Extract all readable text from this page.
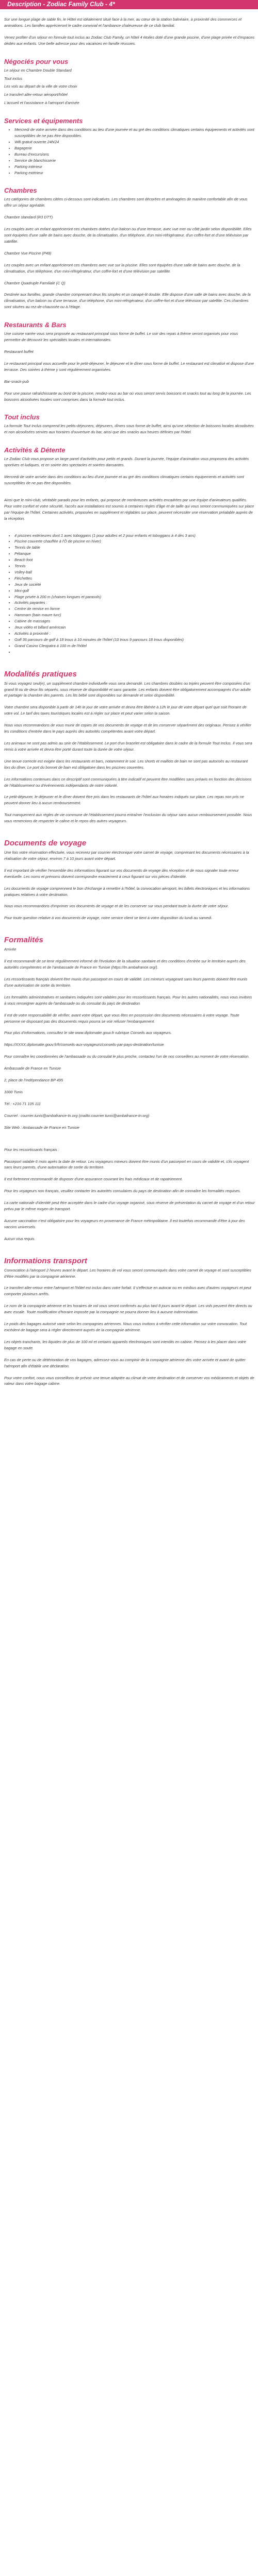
Description - Zodiac Family Club - 4*

Sur une longue plage de sable fin, le Hôtel est idéalement situé face à la mer, au cœur de la station balnéaire, à proximité des commerces et animations. Les familles apprécieront le cadre convivial et l'ambiance chaleureuse de ce club familial.

Venez profiter d'un séjour en formule tout inclus au Zodiac Club Family, un hôtel 4 étoiles doté d'une grande piscine, d'une plage privée et d'espaces dédiés aux enfants. Une belle adresse pour des vacances en famille réussies.

Négociés pour vous

Le séjour en Chambre Double Standard

Tout inclus

Les vols au départ de la ville de votre choix

Le transfert aller-retour aéroport/hôtel

L'accueil et l'assistance à l'aéroport d'arrivée

Services et équipements
• Mercredi de votre arrivée dans des conditions au lieu d'une journée et au gré des conditions climatiques certains équipements et activités sont susceptibles de ne pas être disponibles.
• Wifi gratuit ouverte 24h/24
• Bagagerie
• Bureau d'excursions
• Service de blanchisserie
• Parking intérieur
• Parking extérieur
Chambres

Les catégories de chambres citées ci-dessous sont indicatives. Les chambres sont décorées et aménagées de manière confortable afin de vous offrir un séjour agréable.

Chambre standard (R3 DTT)

Les couples avec un enfant apprécieront ces chambres dotées d'un balcon ou d'une terrasse, avec vue mer ou côté jardin selon disponibilité. Elles sont équipées d'une salle de bains avec douche, de la climatisation, d'un téléphone, d'un mini-réfrigérateur, d'un coffre-fort et d'une télévision par satellite.

Chambre Vue Piscine (P49)

Les couples avec un enfant apprécieront ces chambres avec vue sur la piscine. Elles sont équipées d'une salle de bains avec douche, de la climatisation, d'un téléphone, d'un mini-réfrigérateur, d'un coffre-fort et d'une télévision par satellite.

Chambre Quadruple Familiale (C Q)

Destinée aux familles, grande chambre comprenant deux lits simples et un canapé-lit double. Elle dispose d'une salle de bains avec douche, de la climatisation, d'un balcon ou d'une terrasse, d'un téléphone, d'un mini-réfrigérateur, d'un coffre-fort et d'une télévision par satellite. Ces chambres sont situées au rez-de-chaussée ou à l'étage.

Restaurants & Bars

Une cuisine variée vous sera proposée au restaurant principal sous forme de buffet. Le soir des repas à thème seront organisés pour vous permettre de découvrir les spécialités locales et internationales.

Restaurant buffet

Le restaurant principal vous accueille pour le petit-déjeuner, le déjeuner et le dîner sous forme de buffet. Le restaurant est climatisé et dispose d'une terrasse. Des soirées à thème y sont régulièrement organisées.

Bar-snack-pub

Pour une pause rafraîchissante au bord de la piscine, rendez-vous au bar où vous seront servis boissons et snacks tout au long de la journée. Les boissons alcoolisées locales sont comprises dans la formule tout inclus.

Tout inclus

La formule Tout Inclus comprend les petits-déjeuners, déjeuners, dîners sous forme de buffet, ainsi qu'une sélection de boissons locales alcoolisées et non alcoolisées servies aux horaires d'ouverture du bar, ainsi que des snacks aux heures définies par l'hôtel.

Activités & Détente

Le Zodiac Club vous propose un large panel d'activités pour petits et grands. Durant la journée, l'équipe d'animation vous proposera des activités sportives et ludiques, et en soirée des spectacles et soirées dansantes.

Mercredi de votre arrivée dans des conditions au lieu d'une journée et au gré des conditions climatiques certains équipements et activités sont susceptibles de ne pas être disponibles.

Ainsi que le mini-club, véritable paradis pour les enfants, qui propose de nombreuses activités encadrées par une équipe d'animateurs qualifiés. Pour votre confort et votre sécurité, l'accès aux installations est soumis à certaines règles d'âge et de taille qui vous seront communiquées sur place par l'équipe de l'hôtel. Certaines activités, proposées en supplément et réglables sur place, peuvent nécessiter une réservation préalable auprès de la réception.

• 4 piscines extérieures dont 1 avec toboggans (1 pour adultes et 2 pour enfants et toboggans à 4 dès 3 ans)
• Piscine couverte chauffée à l'Ô de piscine en hiver)
• Tennis de table
• Pétanque
• Beach foot
• Tennis
• Volley-ball
• Fléchettes
• Jeux de société
• Mini-golf
• Plage privée à 200 m (chaises longues et parasols)
• Activités payantes :
• Centre de remise en forme
• Hammam (bain maure turc)
• Cabine de massages
• Jeux vidéo et billard américain
• Activités à proximité :
• Golf 36 parcours de golf à 18 trous à 10 minutes de l'hôtel (10 trous 9 parcours 18 trous disponibles)
• Grand Casino Cleopatra à 100 m de l'hôtel
•
Modalités pratiques

Si vous voyagez seul(e), un supplément chambre individuelle vous sera demandé. Les chambres doubles ou triples peuvent être composées d'un grand lit ou de deux lits séparés, sous réserve de disponibilité et sans garantie. Les enfants doivent être obligatoirement accompagnés d'un adulte et partager la chambre des parents. Les lits bébé sont disponibles sur demande et selon disponibilité.

Votre chambre sera disponible à partir de 14h le jour de votre arrivée et devra être libérée à 12h le jour de votre départ quel que soit l'horaire de votre vol. Le tarif des taxes touristiques locales est à régler sur place et peut varier selon la saison.

Nous vous recommandons de vous munir de copies de vos documents de voyage et de les conserver séparément des originaux. Pensez à vérifier les conditions d'entrée dans le pays auprès des autorités compétentes avant votre départ.

Les animaux ne sont pas admis au sein de l'établissement. Le port d'un bracelet est obligatoire dans le cadre de la formule Tout Inclus. Il vous sera remis à votre arrivée et devra être porté durant toute la durée de votre séjour.

Une tenue correcte est exigée dans les restaurants et bars, notamment le soir. Les shorts et maillots de bain ne sont pas autorisés au restaurant lors du dîner. Le port du bonnet de bain est obligatoire dans les piscines couvertes.

Les informations contenues dans ce descriptif sont communiquées à titre indicatif et peuvent être modifiées sans préavis en fonction des décisions de l'établissement ou d'événements indépendants de notre volonté.

Le petit-déjeuner, le déjeuner et le dîner doivent être pris dans les restaurants de l'hôtel aux horaires indiqués sur place. Les repas non pris ne peuvent donner lieu à aucun remboursement.

Tout manquement aux règles de vie commune de l'établissement pourra entraîner l'exclusion du séjour sans aucun remboursement possible. Nous vous remercions de respecter le calme et le repos des autres voyageurs.

Documents de voyage

Une fois votre réservation effectuée, vous recevrez par courrier électronique votre carnet de voyage, comprenant les documents nécessaires à la réalisation de votre séjour, environ 7 à 10 jours avant votre départ.

Il est important de vérifier l'ensemble des informations figurant sur vos documents de voyage dès réception et de nous signaler toute erreur éventuelle. Les noms et prénoms doivent correspondre exactement à ceux figurant sur vos pièces d'identité.

Les documents de voyage comprennent le bon d'échange à remettre à l'hôtel, la convocation aéroport, les billets électroniques et les informations pratiques relatives à votre destination.

Nous vous recommandons d'imprimer vos documents de voyage et de les conserver sur vous pendant toute la durée de votre séjour.

Pour toute question relative à vos documents de voyage, notre service client se tient à votre disposition du lundi au samedi.

Formalités

Arrivée

Il est recommandé de se tenir régulièrement informé de l'évolution de la situation sanitaire et des conditions d'entrée sur le territoire auprès des autorités compétentes et de l'ambassade de France en Tunisie (https://tn.ambafrance.org/).

Les ressortissants français doivent être munis d'un passeport en cours de validité. Les mineurs voyageant sans leurs parents doivent être munis d'une autorisation de sortie du territoire.

Les formalités administratives et sanitaires indiquées sont valables pour les ressortissants français. Pour les autres nationalités, nous vous invitons à vous renseigner auprès de l'ambassade ou du consulat du pays de destination.

Il est de votre responsabilité de vérifier, avant votre départ, que vous êtes en possession des documents nécessaires à votre voyage. Toute personne ne disposant pas des documents requis pourra se voir refuser l'embarquement.

Pour plus d'informations, consultez le site www.diplomatie.gouv.fr rubrique Conseils aux voyageurs.

https://XXXX.diplomatie.gouv.fr/fr/conseils-aux-voyageurs/conseils-par-pays-destination/tunisie

Pour connaître les coordonnées de l'ambassade ou du consulat le plus proche, contactez l'un de nos conseillers au moment de votre réservation.

Ambassade de France en Tunisie

2, place de l'Indépendance BP 495

1000 Tunis

Tél : +216 71 105 111

Courriel : courrier.tunis@ambafrance-tn.org (mailto:courrier.tunis@ambafrance-tn.org)

Site Web : Ambassade de France en Tunisie

Pour les ressortissants français :

Passeport valable 6 mois après la date de retour. Les voyageurs mineurs doivent être munis d'un passeport en cours de validité et, s'ils voyagent sans leurs parents, d'une autorisation de sortie du territoire.

Il est fortement recommandé de disposer d'une assurance couvrant les frais médicaux et de rapatriement.

Pour les voyageurs non français, veuillez contacter les autorités consulaires du pays de destination afin de connaître les formalités requises.

La carte nationale d'identité peut être acceptée dans le cadre d'un voyage organisé, sous réserve de présentation du carnet de voyage et d'un retour prévu par le même moyen de transport.

Aucune vaccination n'est obligatoire pour les voyageurs en provenance de France métropolitaine. Il est toutefois recommandé d'être à jour des vaccins universels.

Aucun visa requis.

Informations transport

Convocation à l'aéroport 2 heures avant le départ. Les horaires de vol vous seront communiqués dans votre carnet de voyage et sont susceptibles d'être modifiés par la compagnie aérienne.

Le transfert aller-retour entre l'aéroport et l'hôtel est inclus dans votre forfait. Il s'effectue en autocar ou en minibus avec d'autres voyageurs et peut comporter plusieurs arrêts.

Le nom de la compagnie aérienne et les horaires de vol vous seront confirmés au plus tard 8 jours avant le départ. Les vols peuvent être directs ou avec escale. Toute modification d'horaire imposée par la compagnie ne pourra donner lieu à aucune indemnisation.

Le poids des bagages autorisé varie selon les compagnies aériennes. Nous vous invitons à vérifier cette information sur votre convocation. Tout excédent de bagage sera à régler directement auprès de la compagnie aérienne.

Les objets tranchants, les liquides de plus de 100 ml et certains appareils électroniques sont interdits en cabine. Pensez à les placer dans votre bagage en soute.

En cas de perte ou de détérioration de vos bagages, adressez-vous au comptoir de la compagnie aérienne dès votre arrivée et avant de quitter l'aéroport afin d'établir une déclaration.

Pour votre confort, nous vous conseillons de prévoir une tenue adaptée au climat de votre destination et de conserver vos médicaments et objets de valeur dans votre bagage cabine.
